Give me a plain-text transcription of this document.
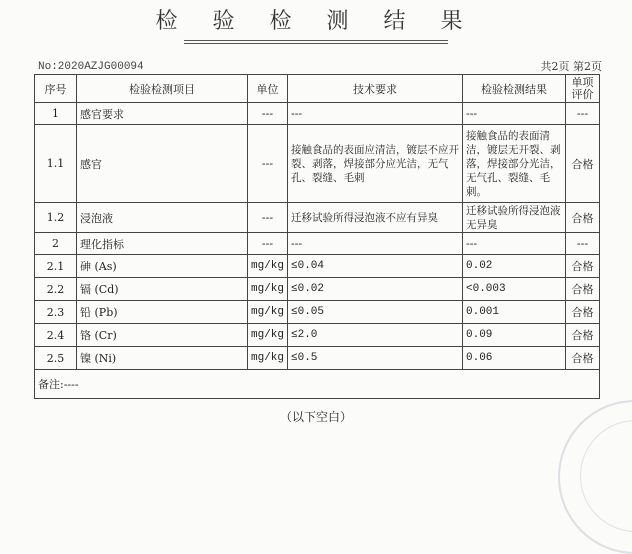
检 验 检 测 结 果
No:2020AZJG00094	共2页 第2页
序号	检验检测项目	单位	技术要求	检验检测结果	单项
评价
1	感官要求	---	---	---	---
1.1	感官	---	接触食品的表面应清洁，镀层不应开裂、剥落，焊接部分应光洁，无气孔、裂缝、毛刺	接触食品的表面清洁，镀层无开裂、剥落，焊接部分光洁，无气孔、裂缝、毛刺。	合格
1.2	浸泡液	---	迁移试验所得浸泡液不应有异臭	迁移试验所得浸泡液无异臭	合格
2	理化指标	---	---	---	---
2.1	砷 (As)	mg/kg	≤0.04	0.02	合格
2.2	镉 (Cd)	mg/kg	≤0.02	<0.003	合格
2.3	铅 (Pb)	mg/kg	≤0.05	0.001	合格
2.4	铬 (Cr)	mg/kg	≤2.0	0.09	合格
2.5	镍 (Ni)	mg/kg	≤0.5	0.06	合格
备注:----					
（以下空白）
